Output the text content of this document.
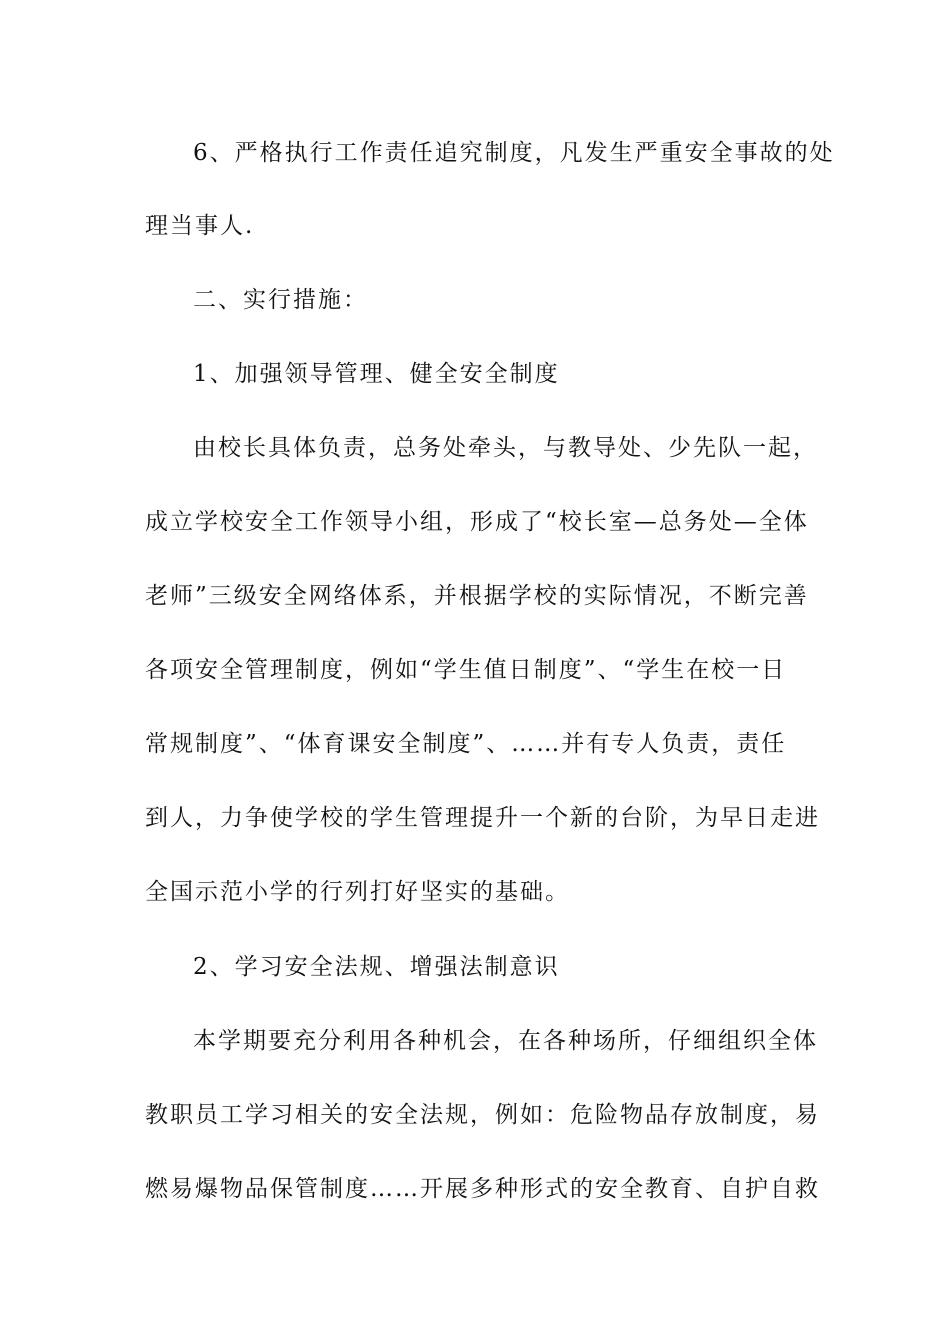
6、严格执行工作责任追究制度，凡发生严重安全事故的处
理当事人.
二、实行措施：
1、加强领导管理、健全安全制度
由校长具体负责，总务处牵头，与教导处、少先队一起，
成立学校安全工作领导小组，形成了“校长室—总务处—全体
老师”三级安全网络体系，并根据学校的实际情况，不断完善
各项安全管理制度，例如“学生值日制度”、“学生在校一日
常规制度”、“体育课安全制度”、……并有专人负责，责任
到人，力争使学校的学生管理提升一个新的台阶，为早日走进
全国示范小学的行列打好坚实的基础。
2、学习安全法规、增强法制意识
本学期要充分利用各种机会，在各种场所，仔细组织全体
教职员工学习相关的安全法规，例如：危险物品存放制度，易
燃易爆物品保管制度……开展多种形式的安全教育、自护自救
